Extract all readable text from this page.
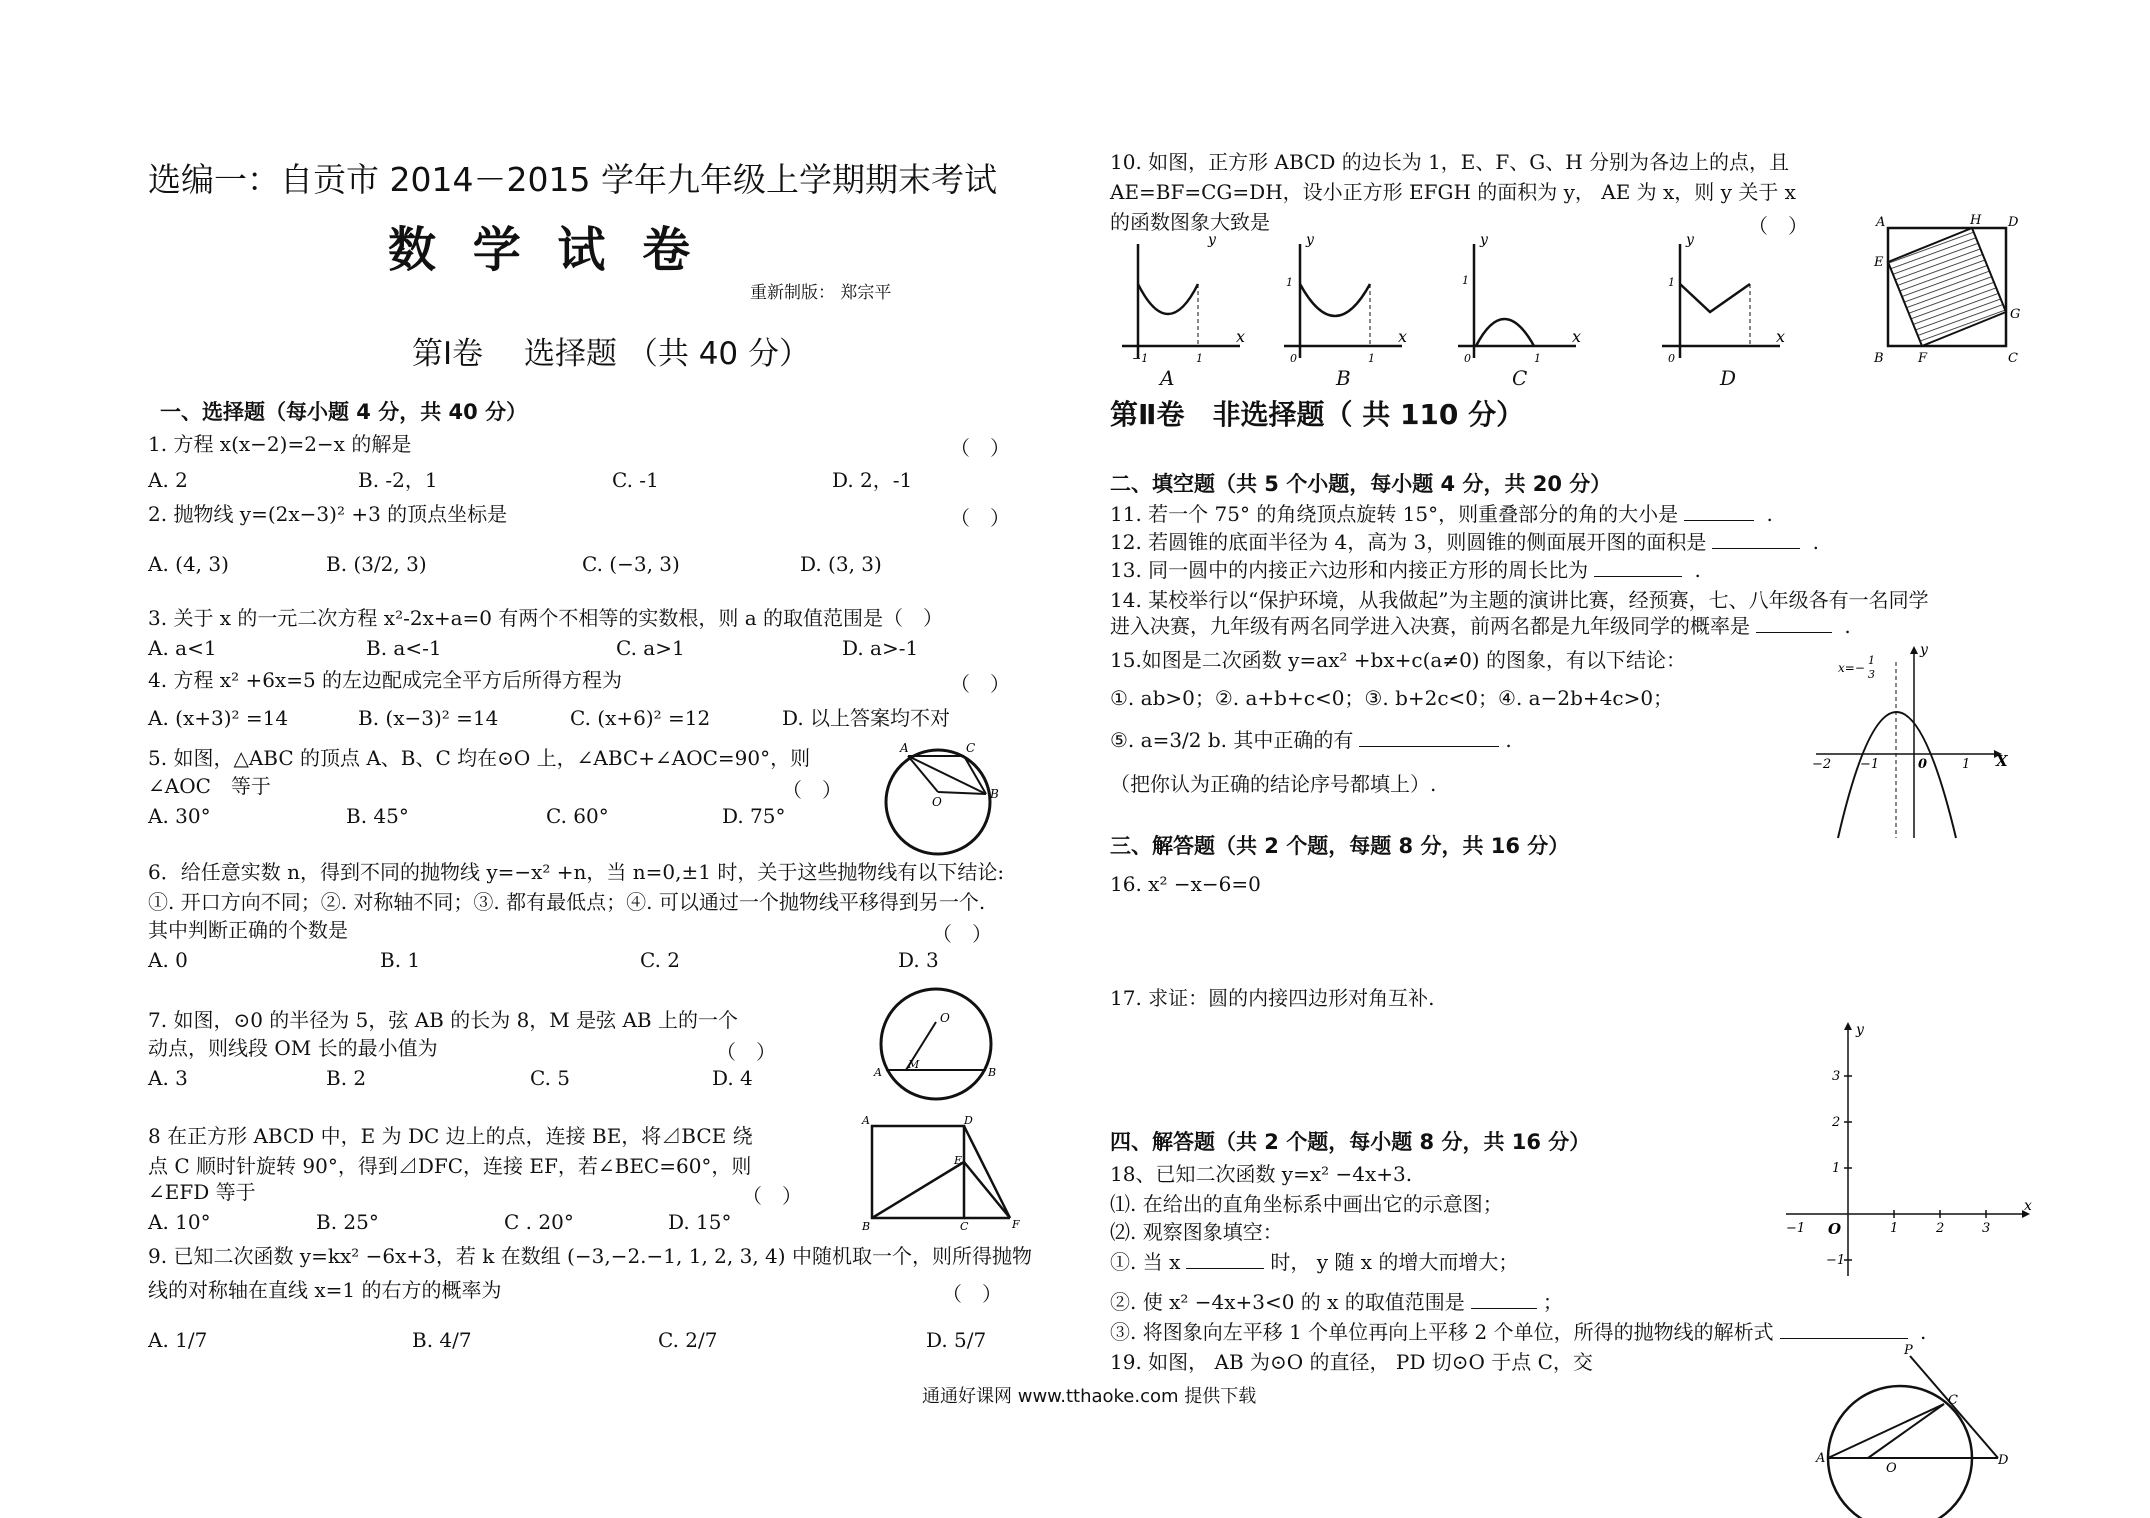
选编一：自贡市 2014－2015 学年九年级上学期期末考试
数 学 试 卷
重新制版： 郑宗平
第Ⅰ卷　 选择题 （共 40 分）
一、选择题（每小题 4 分，共 40 分）
1. 方程 x(x−2)=2−x 的解是	（　）
A. 2	B. -2，1	C. -1	D. 2，-1
2. 抛物线 y=(2x−3)² +3 的顶点坐标是	（　）
A. (4, 3)	B. (3/2, 3)	C. (−3, 3)	D. (3, 3)
3. 关于 x 的一元二次方程 x²-2x+a=0 有两个不相等的实数根，则 a 的取值范围是（　）
A. a<1	B. a<-1	C. a>1	D. a>-1
4. 方程 x² +6x=5 的左边配成完全平方后所得方程为	（　）
A. (x+3)² =14	B. (x−3)² =14	C. (x+6)² =12	D. 以上答案均不对
5. 如图，△ABC 的顶点 A、B、C 均在⊙O 上，∠ABC+∠AOC=90°，则
∠AOC　等于	（　）
A. 30°	B. 45°	C. 60°	D. 75°
A	C
B
O
6．给任意实数 n，得到不同的抛物线 y=−x² +n，当 n=0,±1 时，关于这些抛物线有以下结论:
①. 开口方向不同；②. 对称轴不同；③. 都有最低点；④. 可以通过一个抛物线平移得到另一个.
其中判断正确的个数是	（　）
A. 0	B. 1	C. 2	D. 3
7. 如图，⊙0 的半径为 5，弦 AB 的长为 8，M 是弦 AB 上的一个
动点，则线段 OM 长的最小值为	（　）
A. 3	B. 2	C. 5	D. 4
O
A
M
B
8 在正方形 ABCD 中，E 为 DC 边上的点，连接 BE，将⊿BCE 绕
点 C 顺时针旋转 90°，得到⊿DFC，连接 EF，若∠BEC=60°，则
∠EFD 等于	（　）
A. 10°	B. 25°	C . 20°	D. 15°
A	D
E
B	C	F
9. 已知二次函数 y=kx² −6x+3，若 k 在数组 (−3,−2.−1, 1, 2, 3, 4) 中随机取一个，则所得抛物
线的对称轴在直线 x=1 的右方的概率为	（　）
A. 1/7	B. 4/7	C. 2/7	D. 5/7
通通好课网 www.tthaoke.com 提供下载
10. 如图，正方形 ABCD 的边长为 1，E、F、G、H 分别为各边上的点，且
AE=BF=CG=DH，设小正方形 EFGH 的面积为 y， AE 为 x，则 y 关于 x
的函数图象大致是	（　）
y
x
−1	1
A
y
x
0
1
1
B
y
x
0
1
1
C
y
x
0
1
D
A	H D
E
G
B	F	C
第Ⅱ卷　非选择题（ 共 110 分）
二、填空题（共 5 个小题，每小题 4 分，共 20 分）
11. 若一个 75° 的角绕顶点旋转 15°，则重叠部分的角的大小是	.
12. 若圆锥的底面半径为 4，高为 3，则圆锥的侧面展开图的面积是	.
13. 同一圆中的内接正六边形和内接正方形的周长比为	.
14. 某校举行以“保护环境，从我做起”为主题的演讲比赛，经预赛，七、八年级各有一名同学
进入决赛，九年级有两名同学进入决赛，前两名都是九年级同学的概率是	.
15.如图是二次函数 y=ax² +bx+c(a≠0) 的图象，有以下结论：
①. ab>0；②. a+b+c<0；③. b+2c<0；④. a−2b+4c>0；
⑤. a=3/2 b. 其中正确的有	.
（把你认为正确的结论序号都填上）.
y
X
−2 −1	0	1
x=−
1
3
三、解答题（共 2 个题，每题 8 分，共 16 分）
16. x² −x−6=0
17. 求证：圆的内接四边形对角互补.
y
x
−1 O	1	2	3
3
2
1
−1
四、解答题（共 2 个题，每小题 8 分，共 16 分）
18、已知二次函数 y=x² −4x+3.
⑴. 在给出的直角坐标系中画出它的示意图；
⑵. 观察图象填空：
①. 当 x	时， y 随 x 的增大而增大；
②. 使 x² −4x+3<0 的 x 的取值范围是	；
③. 将图象向左平移 1 个单位再向上平移 2 个单位，所得的抛物线的解析式	.
19. 如图， AB 为⊙O 的直径， PD 切⊙O 于点 C，交	P
C
A	D
O
